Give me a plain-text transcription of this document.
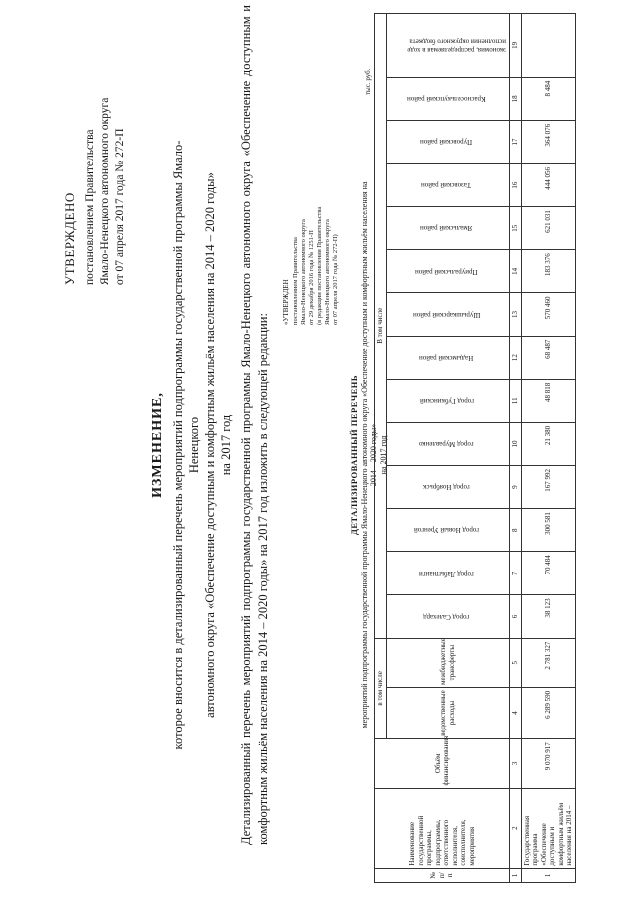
УТВЕРЖДЕНО постановлением Правительства Ямало-Ненецкого автономного округа от 07 апреля 2017 года № 272-П
ИЗМЕНЕНИЕ, которое вносится в детализированный перечень мероприятий подпрограммы государственной программы Ямало-Ненецкого автономного округа «Обеспечение доступным и комфортным жильём населения на 2014 – 2020 годы» на 2017 год Детализированный перечень мероприятий подпрограммы государственной программы Ямало-Ненецкого автономного округа «Обеспечение доступным и комфортным жильём населения на 2014 – 2020 годы» на 2017 год изложить в следующей редакции:
«УТВЕРЖДЕН постановлением Правительства Ямало-Ненецкого автономного округа от 29 декабря 2016 года № 1251-П (в редакции постановления Правительства Ямало-Ненецкого автономного округа от 07 апреля 2017 года № 272-П)
ДЕТАЛИЗИРОВАННЫЙ ПЕРЕЧЕНЬ мероприятий подпрограммы государственной программы Ямало-Ненецкого автономного округа «Обеспечение доступным и комфортным жильём населения на 2014 – 2020 годы» на 2017 год
тыс. руб.
№ п/п	Наименование государственной программы, подпрограммы, ответственного исполнителя, соисполнителя, мероприятия	Объём финансирования	в том числе		В том числе													
			ведомственные расходы	межбюджетные трансферты	город Салехард	город Лабытнанги	город Новый Уренгой	город Ноябрьск	город Муравленко	город Губкинский	Надымский район	Шурышкарский район	Приуральский район	Ямальский район	Тазовский район	Пуровский район	Красноселькупский район	экономия, распределяемая в ходе исполнения окружного бюджета

1	2	3	4	5	6	7	8	9	10	11	12	13	14	15	16	17	18	19
1	Государственная программа «Обеспечение доступным и комфортным жильём населения на 2014 –	9 070 917	6 289 590	2 781 327	38 123	70 484	300 581	167 992	21 380	48 818	68 487	570 460	183 376	621 031	444 056	364 076	8 484	
